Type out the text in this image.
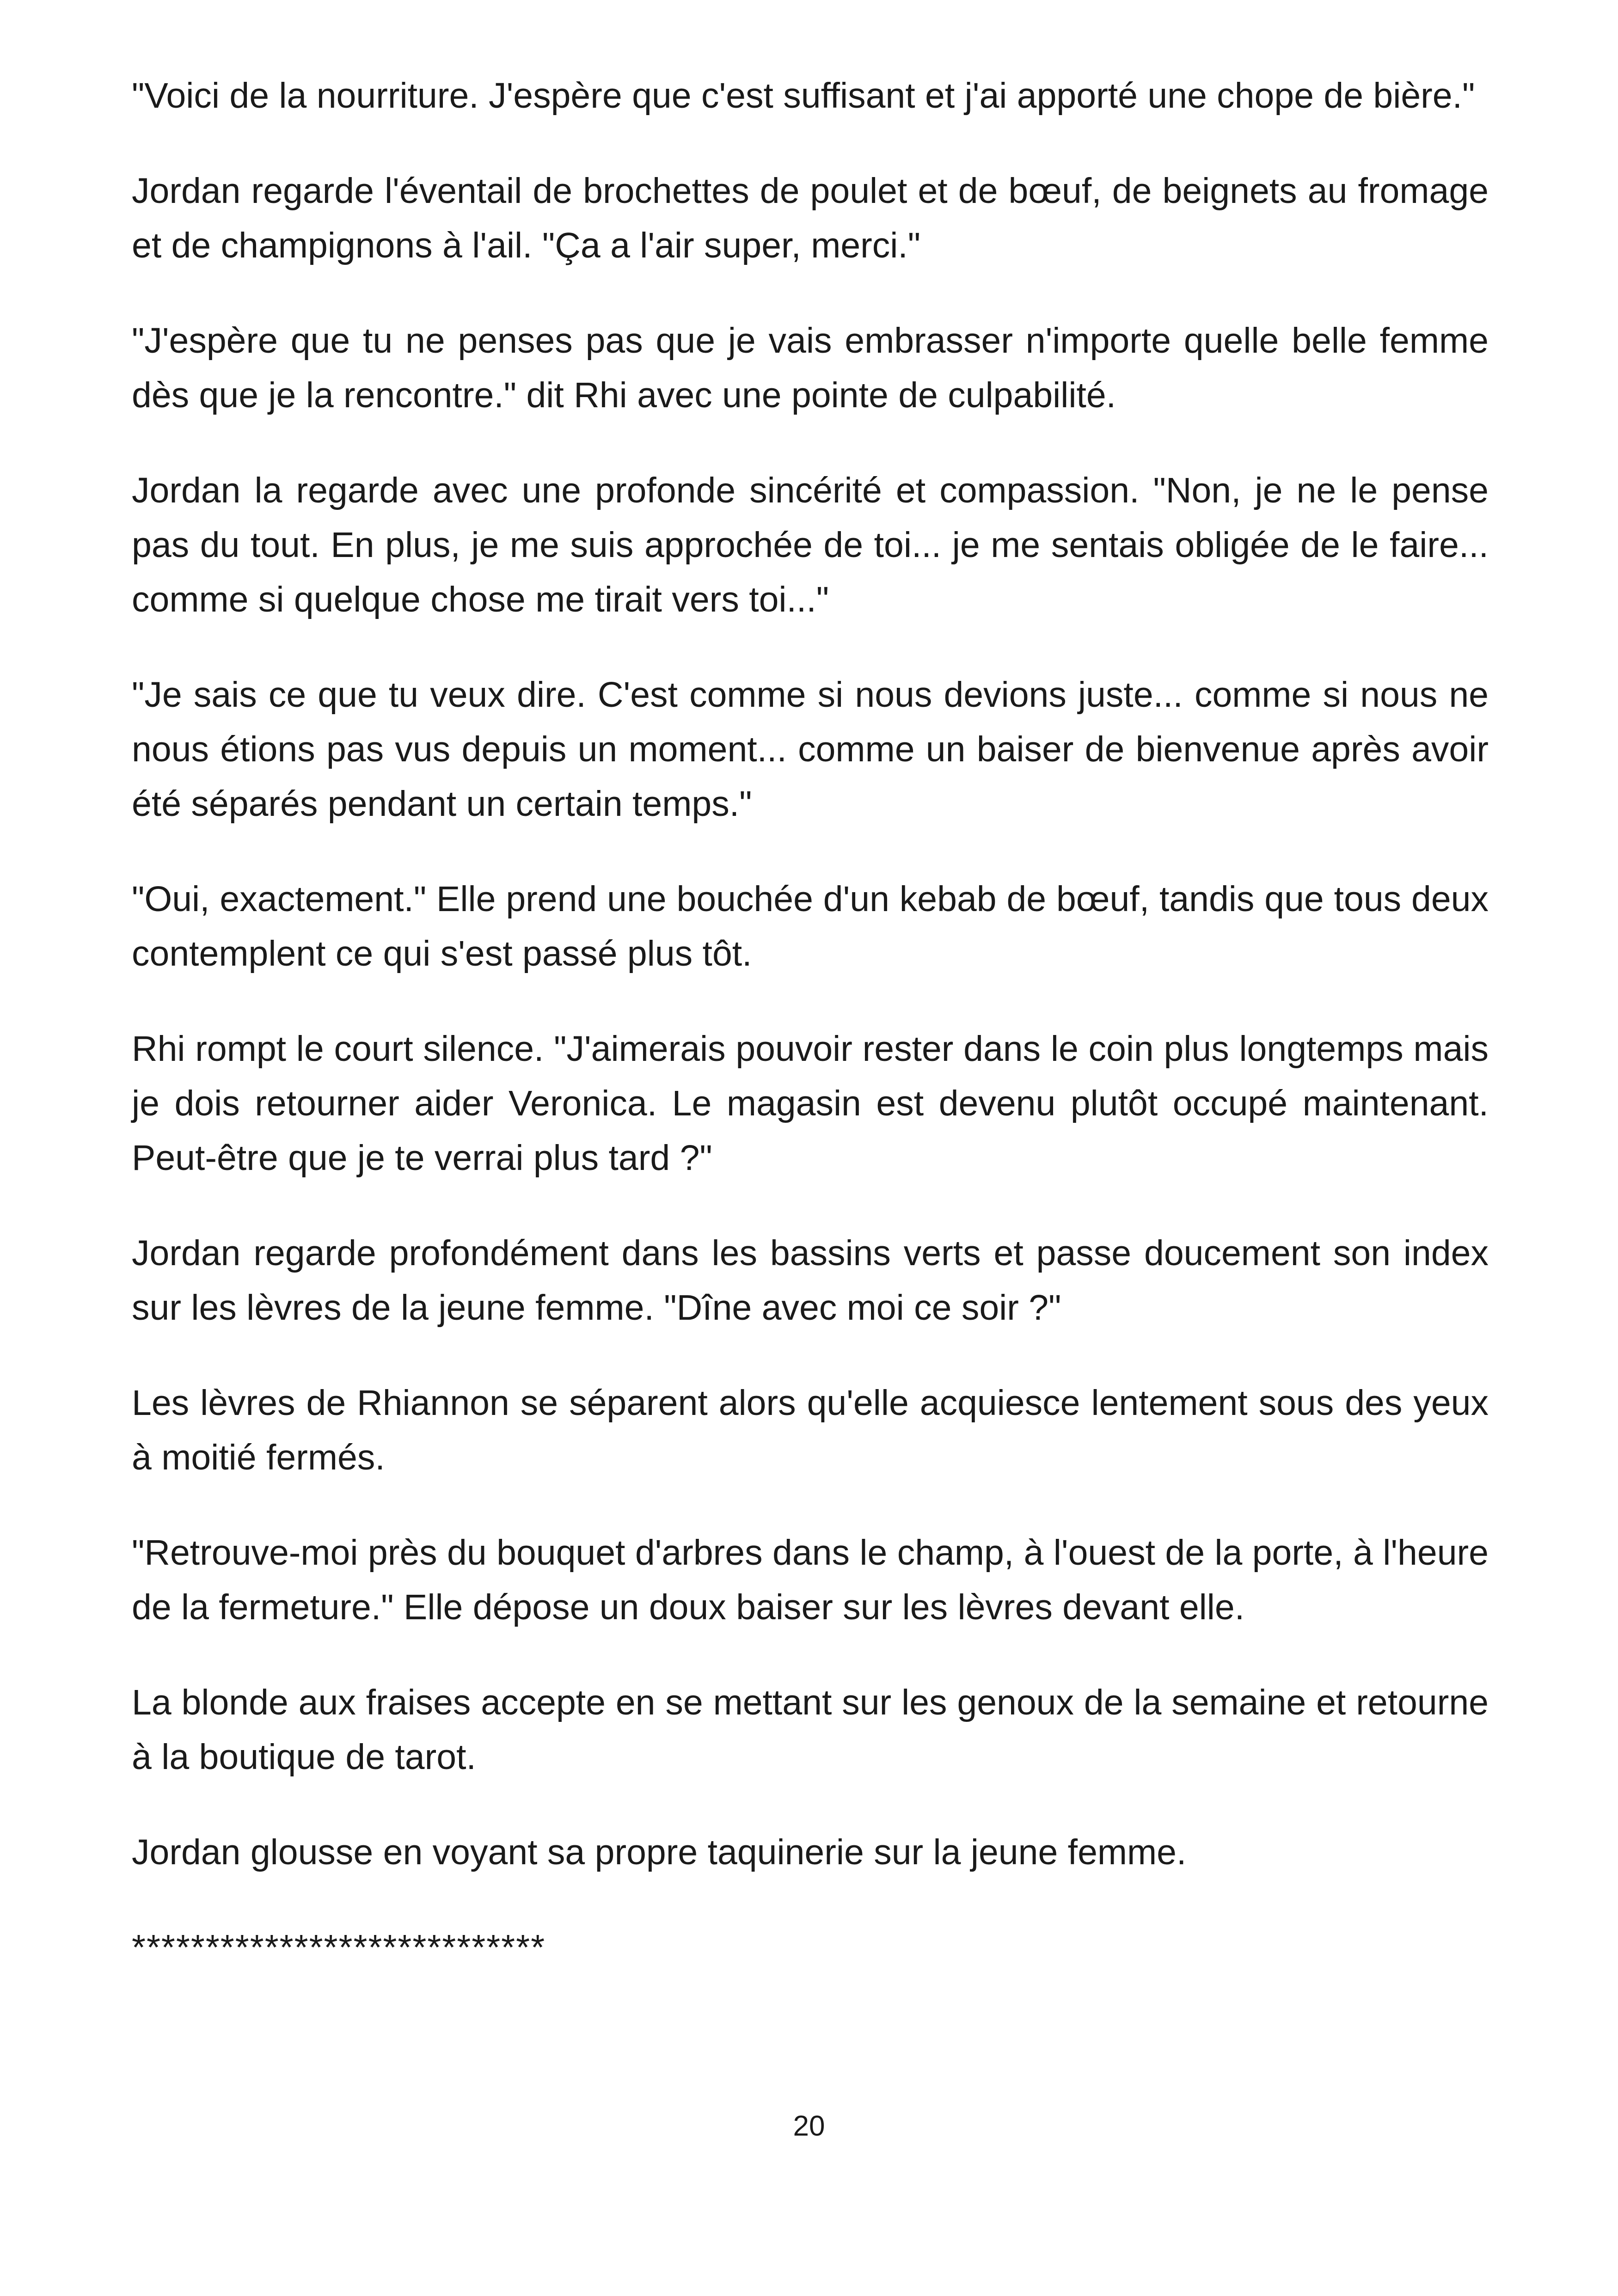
"Voici de la nourriture. J'espère que c'est suffisant et j'ai apporté une chope de bière."

Jordan regarde l'éventail de brochettes de poulet et de bœuf, de beignets au fromage et de champignons à l'ail. "Ça a l'air super, merci."

"J'espère que tu ne penses pas que je vais embrasser n'importe quelle belle femme dès que je la rencontre." dit Rhi avec une pointe de culpabilité.

Jordan la regarde avec une profonde sincérité et compassion. "Non, je ne le pense pas du tout. En plus, je me suis approchée de toi... je me sentais obligée de le faire... comme si quelque chose me tirait vers toi..."

"Je sais ce que tu veux dire. C'est comme si nous devions juste... comme si nous ne nous étions pas vus depuis un moment... comme un baiser de bienvenue après avoir été séparés pendant un certain temps."

"Oui, exactement." Elle prend une bouchée d'un kebab de bœuf, tandis que tous deux contemplent ce qui s'est passé plus tôt.

Rhi rompt le court silence. "J'aimerais pouvoir rester dans le coin plus longtemps mais je dois retourner aider Veronica. Le magasin est devenu plutôt occupé maintenant. Peut-être que je te verrai plus tard ?"

Jordan regarde profondément dans les bassins verts et passe doucement son index sur les lèvres de la jeune femme. "Dîne avec moi ce soir ?"

Les lèvres de Rhiannon se séparent alors qu'elle acquiesce lentement sous des yeux à moitié fermés.

"Retrouve-moi près du bouquet d'arbres dans le champ, à l'ouest de la porte, à l'heure de la fermeture." Elle dépose un doux baiser sur les lèvres devant elle.

La blonde aux fraises accepte en se mettant sur les genoux de la semaine et retourne à la boutique de tarot.

Jordan glousse en voyant sa propre taquinerie sur la jeune femme.

****************************

20
